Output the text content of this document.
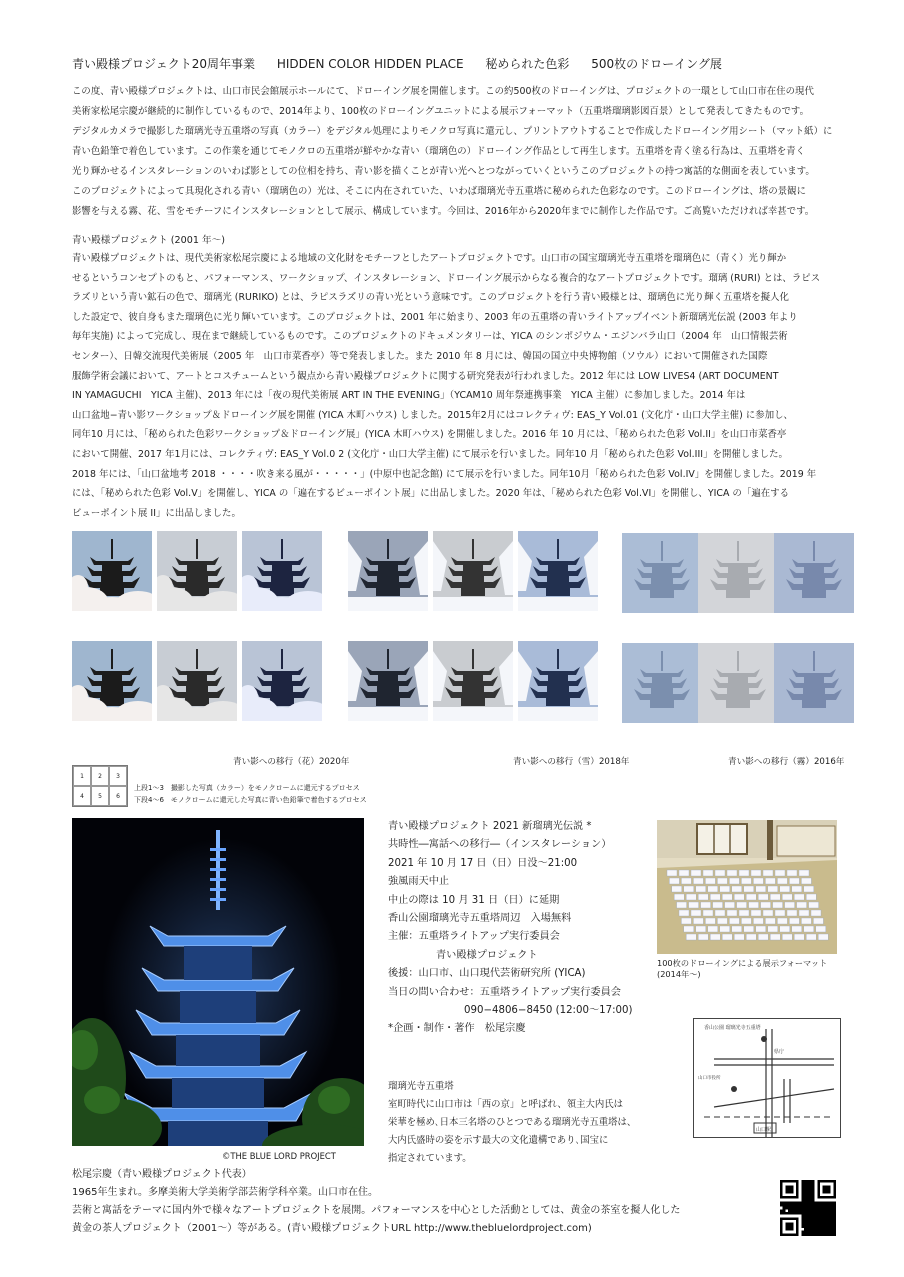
青い殿様プロジェクト20周年事業 HIDDEN COLOR HIDDEN PLACE 秘められた色彩 500枚のドローイング展
この度、青い殿様プロジェクトは、山口市民会館展示ホールにて、ドローイング展を開催します。この約500枚のドローイングは、プロジェクトの一環として山口市在住の現代
美術家松尾宗慶が継続的に制作しているもので、2014年より、100枚のドローイングユニットによる展示フォーマット（五重塔瑠璃影図百景）として発表してきたものです。
デジタルカメラで撮影した瑠璃光寺五重塔の写真（カラー）をデジタル処理によりモノクロ写真に還元し、プリントアウトすることで作成したドローイング用シート（マット紙）に
青い色鉛筆で着色しています。この作業を通じてモノクロの五重塔が鮮やかな青い（瑠璃色の）ドローイング作品として再生します。五重塔を青く塗る行為は、五重塔を青く
光り輝かせるインスタレーションのいわば影としての位相を持ち、青い影を描くことが青い光へとつながっていくというこのプロジェクトの持つ寓話的な側面を表しています。
このプロジェクトによって具現化される青い（瑠璃色の）光は、そこに内在されていた、いわば瑠璃光寺五重塔に秘められた色彩なのです。このドローイングは、塔の景観に
影響を与える霧、花、雪をモチーフにインスタレーションとして展示、構成しています。今回は、2016年から2020年までに制作した作品です。ご高覧いただければ幸甚です。
青い殿様プロジェクト (2001 年〜)
青い殿様プロジェクトは、現代美術家松尾宗慶による地域の文化財をモチーフとしたアートプロジェクトです。山口市の国宝瑠璃光寺五重塔を瑠璃色に（青く）光り輝か
せるというコンセプトのもと、パフォーマンス、ワークショップ、インスタレーション、ドローイング展示からなる複合的なアートプロジェクトです。瑠璃 (RURI) とは、ラピス
ラズリという青い鉱石の色で、瑠璃光 (RURIKO) とは、ラピスラズリの青い光という意味です。このプロジェクトを行う青い殿様とは、瑠璃色に光り輝く五重塔を擬人化
した設定で、彼自身もまた瑠璃色に光り輝いています。このプロジェクトは、2001 年に始まり、2003 年の五重塔の青いライトアップイベント新瑠璃光伝説 (2003 年より
毎年実施) によって完成し、現在まで継続しているものです。このプロジェクトのドキュメンタリーは、YICA のシンポジウム・エジンバラ山口（2004 年　山口情報芸術
センター）、日韓交流現代美術展（2005 年　山口市菜香亭）等で発表しました。また 2010 年 8 月には、韓国の国立中央博物館（ソウル）において開催された国際
服飾学術会議において、アートとコスチュームという観点から青い殿様プロジェクトに関する研究発表が行われました。2012 年には LOW LIVES4 (ART DOCUMENT
IN YAMAGUCHI　YICA 主催)、2013 年には「夜の現代美術展 ART IN THE EVENING」（YCAM10 周年祭連携事業　YICA 主催）に参加しました。2014 年は
山口盆地−青い影ワークショップ＆ドローイング展を開催 (YICA 木町ハウス) しました。2015年2月にはコレクティヴ: EAS_Y Vol.01 (文化庁・山口大学主催) に参加し、
同年10 月には、「秘められた色彩ワークショップ＆ドローイング展」(YICA 木町ハウス) を開催しました。2016 年 10 月には、「秘められた色彩 Vol.II」を山口市菜香亭
において開催、2017 年1月には、コレクティヴ: EAS_Y Vol.0 2 (文化庁・山口大学主催) にて展示を行いました。同年10 月「秘められた色彩 Vol.III」を開催しました。
2018 年には、「山口盆地考 2018 ・・・・吹き来る風が・・・・・」(中原中也記念館) にて展示を行いました。同年10月「秘められた色彩 Vol.IV」を開催しました。2019 年
には、「秘められた色彩 Vol.V」を開催し、YICA の「遍在するビューポイント展」に出品しました。2020 年は、「秘められた色彩 Vol.VI」を開催し、YICA の「遍在する
ビューポイント展 II」に出品しました。
青い影への移行（花）2020年	青い影への移行（雪）2018年	青い影への移行（霧）2016年
1	2	3
4	5	6
上段1〜3　撮影した写真（カラー）をモノクロームに還元するプロセス
下段4〜6　モノクロームに還元した写真に青い色鉛筆で着色するプロセス
©THE BLUE LORD PROJECT
青い殿様プロジェクト 2021 新瑠璃光伝説 *
共時性―寓話への移行―（インスタレーション）
2021 年 10 月 17 日（日）日没〜21:00
強風雨天中止
中止の際は 10 月 31 日（日）に延期
香山公園瑠璃光寺五重塔周辺　入場無料
主催：五重塔ライトアップ実行委員会
青い殿様プロジェクト
後援：山口市、山口現代芸術研究所 (YICA)
当日の問い合わせ：五重塔ライトアップ実行委員会
090−4806−8450 (12:00〜17:00)
*企画・制作・著作　松尾宗慶
100枚のドローイングによる展示フォーマット
(2014年〜)
香山公園 瑠璃光寺五重塔
県庁
山口市役所
山口駅
瑠璃光寺五重塔
室町時代に山口市は「西の京」と呼ばれ、領主大内氏は
栄華を極め､日本三名塔のひとつである瑠璃光寺五重塔は、
大内氏盛時の姿を示す最大の文化遺構であり､国宝に
指定されています。
松尾宗慶（青い殿様プロジェクト代表）
1965年生まれ。多摩美術大学美術学部芸術学科卒業。山口市在住。
芸術と寓話をテーマに国内外で様々なアートプロジェクトを展開。パフォーマンスを中心とした活動としては、黄金の茶室を擬人化した
黄金の茶人プロジェクト（2001〜）等がある。(青い殿様プロジェクトURL http://www.thebluelordproject.com)
